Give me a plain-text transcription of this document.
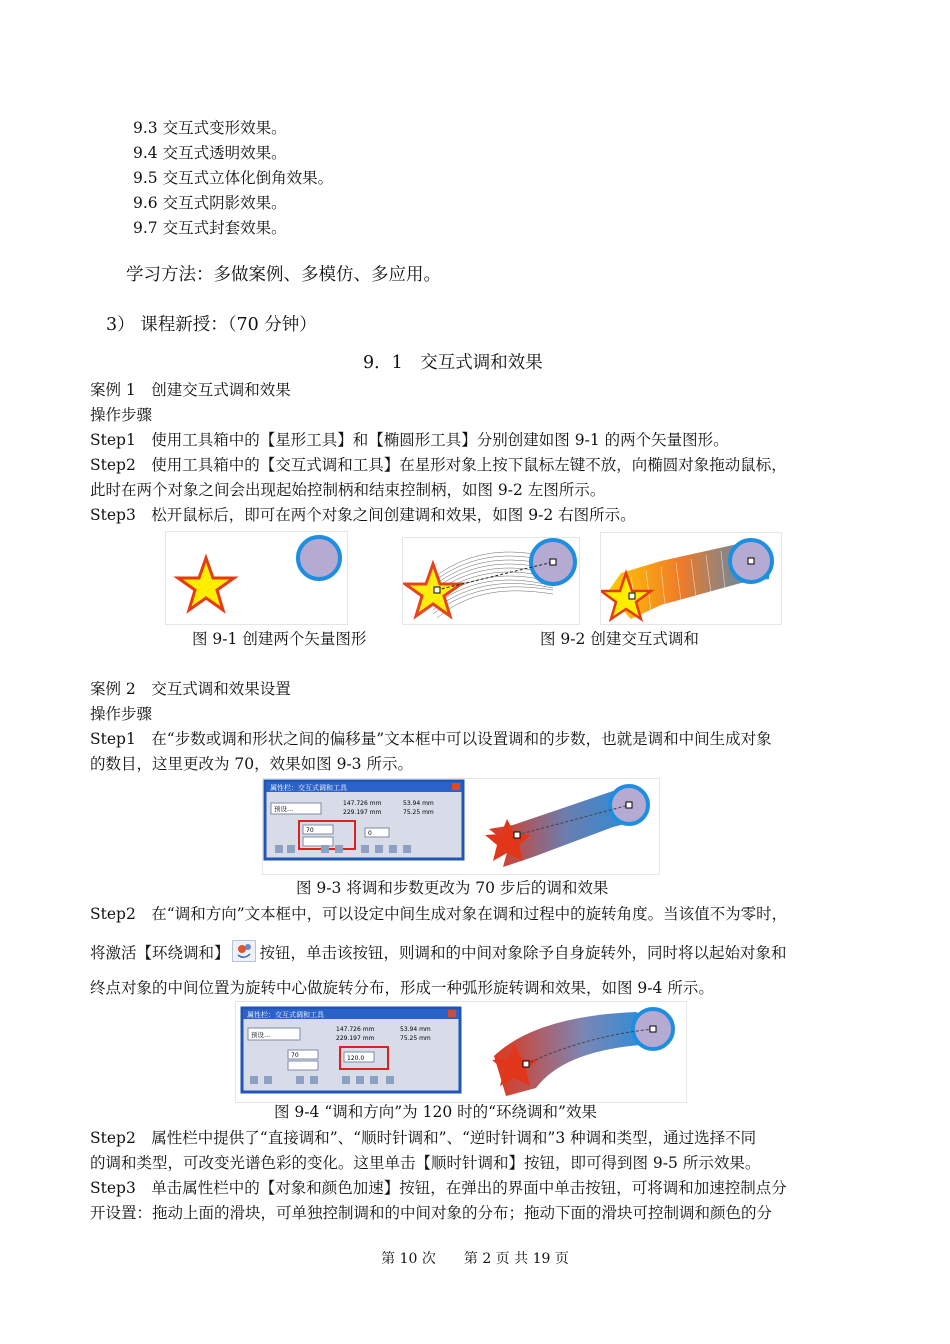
9.3 交互式变形效果。
9.4 交互式透明效果。
9.5 交互式立体化倒角效果。
9.6 交互式阴影效果。
9.7 交互式封套效果。
学习方法：多做案例、多模仿、多应用。
3） 课程新授：（70 分钟）
9．1　交互式调和效果
案例 1　创建交互式调和效果
操作步骤
Step1　使用工具箱中的【星形工具】和【椭圆形工具】分别创建如图 9-1 的两个矢量图形。
Step2　使用工具箱中的【交互式调和工具】在星形对象上按下鼠标左键不放，向椭圆对象拖动鼠标，
此时在两个对象之间会出现起始控制柄和结束控制柄，如图 9-2 左图所示。
Step3　松开鼠标后，即可在两个对象之间创建调和效果，如图 9-2 右图所示。
图 9-1 创建两个矢量图形	图 9-2 创建交互式调和
案例 2　交互式调和效果设置
操作步骤
Step1　在“步数或调和形状之间的偏移量”文本框中可以设置调和的步数，也就是调和中间生成对象
的数目，这里更改为 70，效果如图 9-3 所示。
属性栏：交互式调和工具
预设...
147.726 mm
229.197 mm
53.94 mm
75.25 mm
70	0
图 9-3 将调和步数更改为 70 步后的调和效果
Step2　在“调和方向”文本框中，可以设定中间生成对象在调和过程中的旋转角度。当该值不为零时，
将激活【环绕调和】 按钮，单击该按钮，则调和的中间对象除予自身旋转外，同时将以起始对象和
终点对象的中间位置为旋转中心做旋转分布，形成一种弧形旋转调和效果，如图 9-4 所示。
属性栏：交互式调和工具
预设...
147.726 mm
229.197 mm
53.94 mm
75.25 mm
70	120.0
图 9-4 “调和方向”为 120 时的“环绕调和”效果
Step2　属性栏中提供了“直接调和”、“顺时针调和”、“逆时针调和”3 种调和类型，通过选择不同
的调和类型，可改变光谱色彩的变化。这里单击【顺时针调和】按钮，即可得到图 9-5 所示效果。
Step3　单击属性栏中的【对象和颜色加速】按钮，在弹出的界面中单击按钮，可将调和加速控制点分
开设置：拖动上面的滑块，可单独控制调和的中间对象的分布；拖动下面的滑块可控制调和颜色的分
第 10 次　　第 2 页 共 19 页
